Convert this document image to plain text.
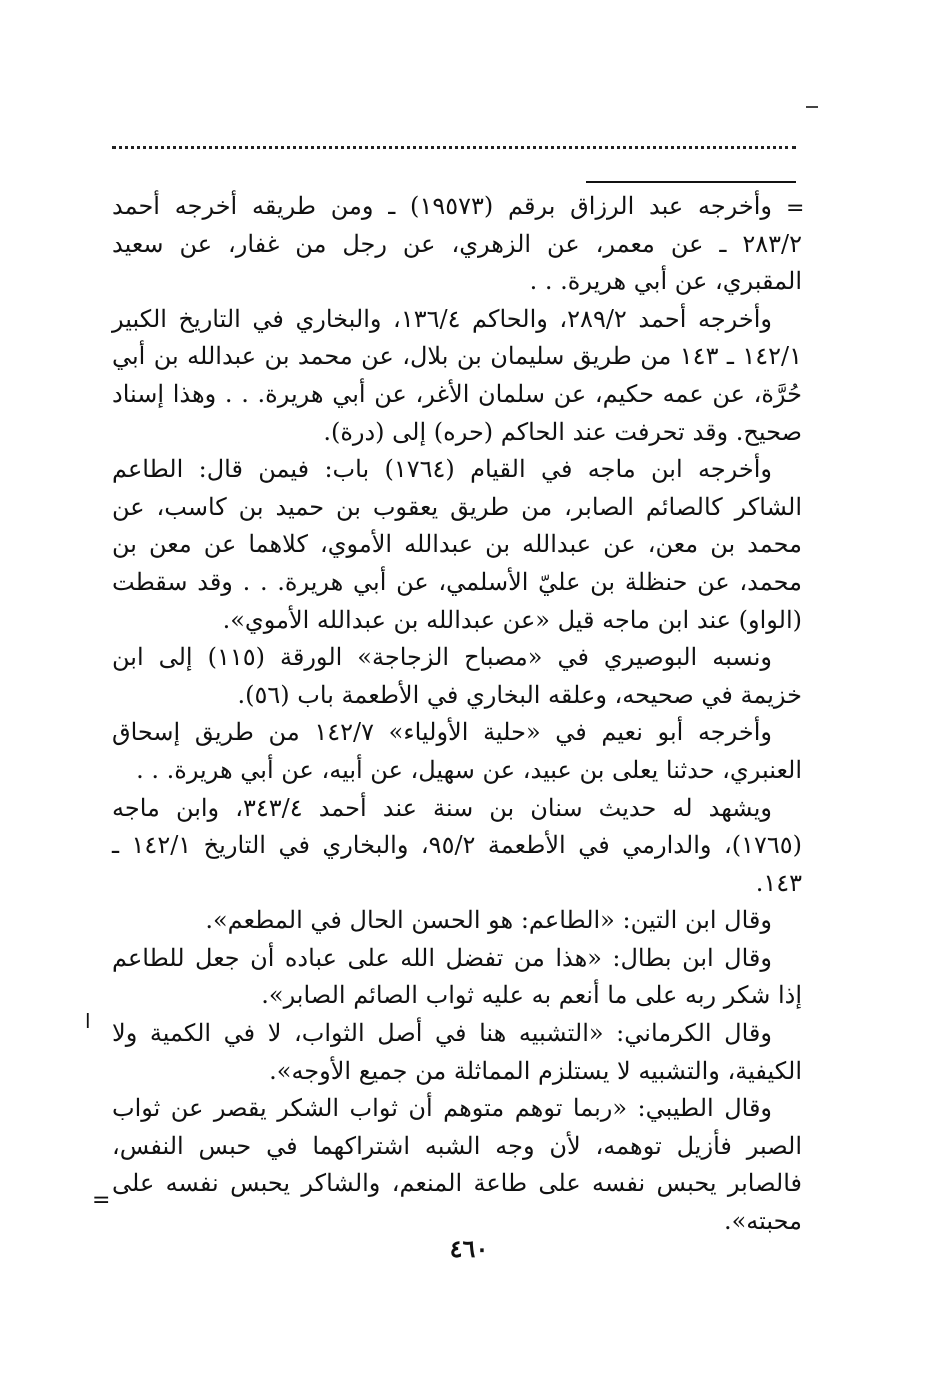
=
ا
=

وأخرجه عبد الرزاق برقم (١٩٥٧٣) ـ ومن طريقه أخرجه أحمد ٢٨٣/٢ ـ عن معمر، عن الزهري، عن رجل من غفار، عن سعيد المقبري، عن أبي هريرة. . .

وأخرجه أحمد ٢٨٩/٢، والحاكم ١٣٦/٤، والبخاري في التاريخ الكبير ١٤٢/١ ـ ١٤٣ من طريق سليمان بن بلال، عن محمد بن عبدالله بن أبي حُرَّة، عن عمه حكيم، عن سلمان الأغر، عن أبي هريرة. . . وهذا إسناد صحيح. وقد تحرفت عند الحاكم (حره) إلى (درة).

وأخرجه ابن ماجه في القيام (١٧٦٤) باب: فيمن قال: الطاعم الشاكر كالصائم الصابر، من طريق يعقوب بن حميد بن كاسب، عن محمد بن معن، عن عبدالله بن عبدالله الأموي، كلاهما عن معن بن محمد، عن حنظلة بن عليّ الأسلمي، عن أبي هريرة. . . وقد سقطت (الواو) عند ابن ماجه قيل «عن عبدالله بن عبدالله الأموي».

ونسبه البوصيري في «مصباح الزجاجة» الورقة (١١٥) إلى ابن خزيمة في صحيحه، وعلقه البخاري في الأطعمة باب (٥٦).

وأخرجه أبو نعيم في «حلية الأولياء» ١٤٢/٧ من طريق إسحاق العنبري، حدثنا يعلى بن عبيد، عن سهيل، عن أبيه، عن أبي هريرة. . .

ويشهد له حديث سنان بن سنة عند أحمد ٣٤٣/٤، وابن ماجه (١٧٦٥)، والدارمي في الأطعمة ٩٥/٢، والبخاري في التاريخ ١٤٢/١ ـ ١٤٣.

وقال ابن التين: «الطاعم: هو الحسن الحال في المطعم».

وقال ابن بطال: «هذا من تفضل الله على عباده أن جعل للطاعم إذا شكر ربه على ما أنعم به عليه ثواب الصائم الصابر».

وقال الكرماني: «التشبيه هنا في أصل الثواب، لا في الكمية ولا الكيفية، والتشبيه لا يستلزم المماثلة من جميع الأوجه».

وقال الطيبي: «ربما توهم متوهم أن ثواب الشكر يقصر عن ثواب الصبر فأزيل توهمه، لأن وجه الشبه اشتراكهما في حبس النفس، فالصابر يحبس نفسه على طاعة المنعم، والشاكر يحبس نفسه على محبته».

٤٦٠
